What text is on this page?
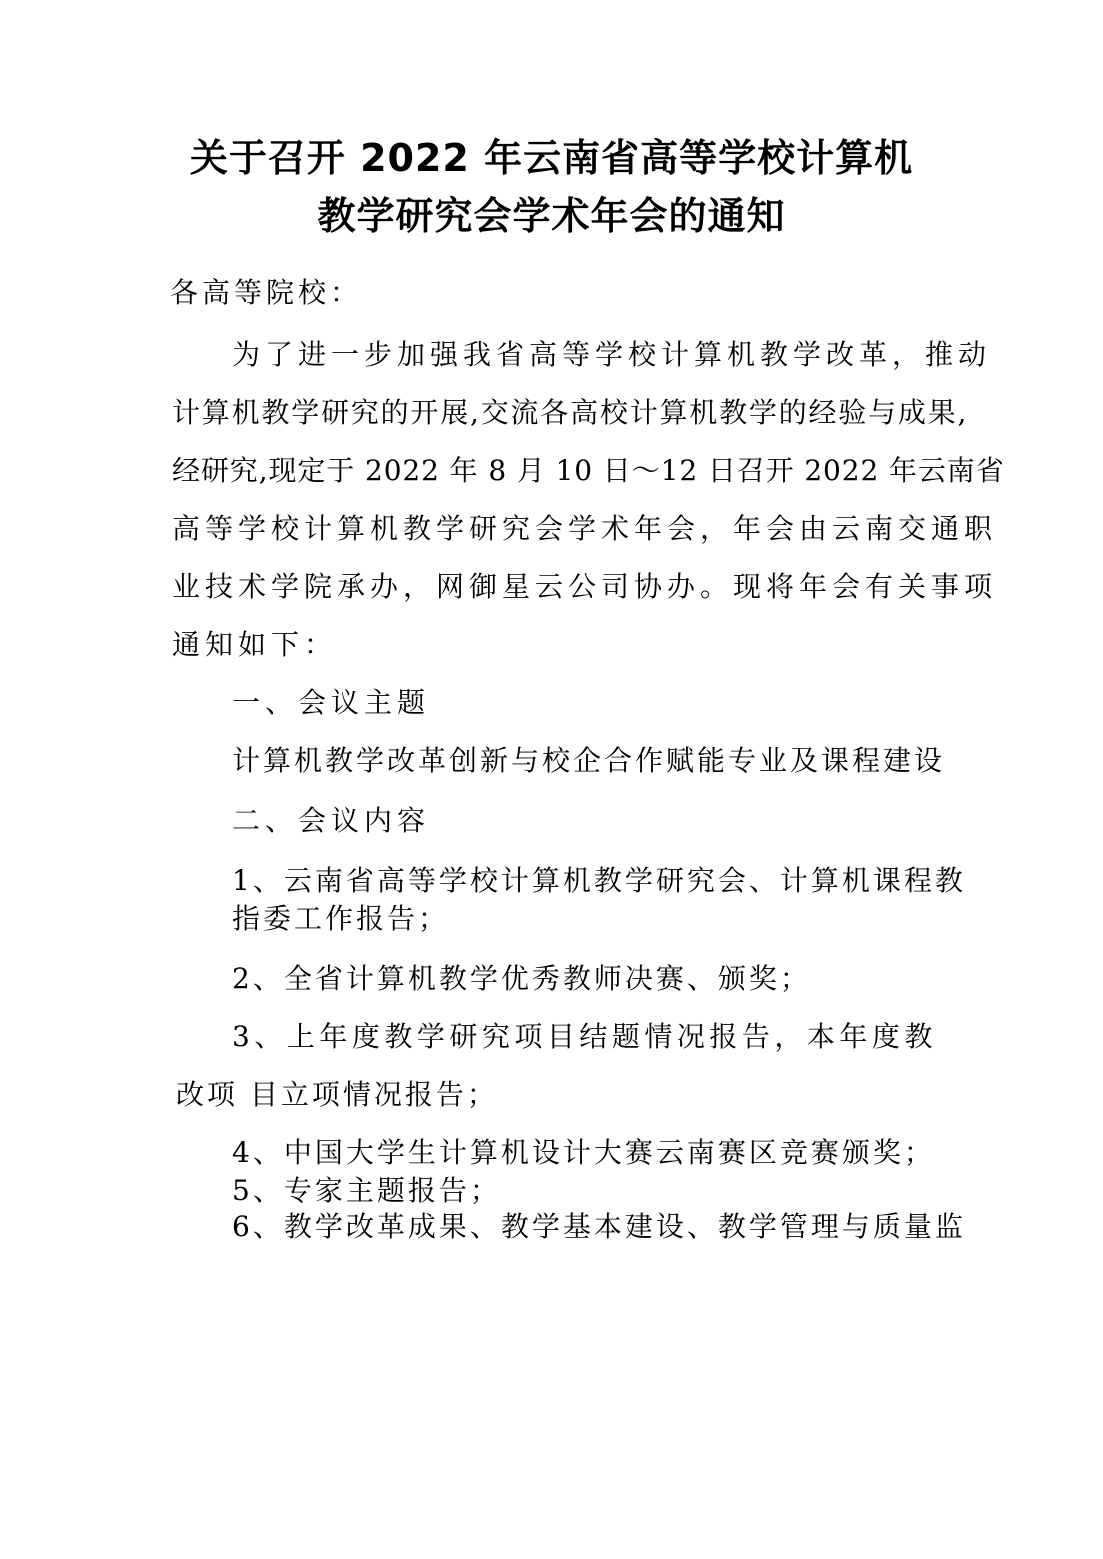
关于召开 2022 年云南省高等学校计算机
教学研究会学术年会的通知
各高等院校：
为了进一步加强我省高等学校计算机教学改革，推动
计算机教学研究的开展,交流各高校计算机教学的经验与成果,
经研究,现定于 2022 年 8 月 10 日～12 日召开 2022 年云南省
高等学校计算机教学研究会学术年会，年会由云南交通职
业技术学院承办，网御星云公司协办。现将年会有关事项
通知如下：
一、会议主题
计算机教学改革创新与校企合作赋能专业及课程建设
二、会议内容
1、云南省高等学校计算机教学研究会、计算机课程教
指委工作报告；
2、全省计算机教学优秀教师决赛、颁奖；
3、上年度教学研究项目结题情况报告，本年度教
改项 目立项情况报告；
4、中国大学生计算机设计大赛云南赛区竞赛颁奖；
5、专家主题报告；
6、教学改革成果、教学基本建设、教学管理与质量监
